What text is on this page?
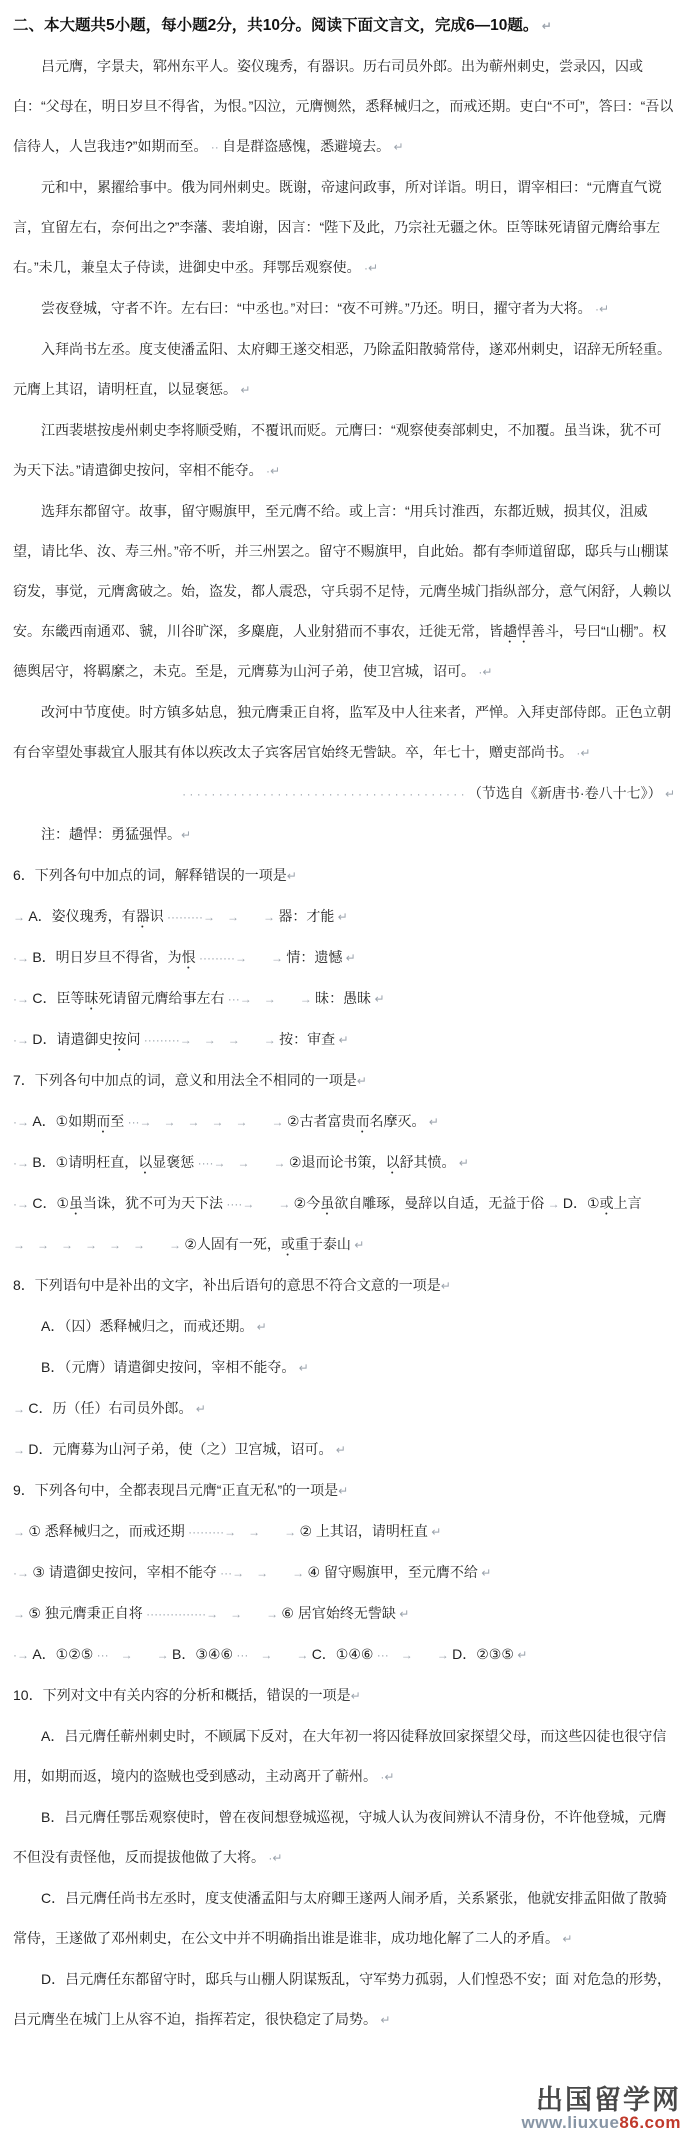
二、本大题共5小题，每小题2分，共10分。阅读下面文言文，完成6—10题。 ↵
吕元膺，字景夫，郓州东平人。姿仪瑰秀，有器识。历右司员外郎。出为蕲州刺史，尝录囚，囚或白：“父母在，明日岁旦不得省，为恨。”囚泣，元膺恻然，悉释械归之，而戒还期。吏白“不可”，答曰：“吾以信待人，人岂我违?”如期而至。 ·· 自是群盗感愧，悉避境去。 ↵
元和中，累擢给事中。俄为同州刺史。既谢，帝逮问政事，所对详诣。明日，谓宰相曰：“元膺直气谠言，宜留左右，奈何出之?”李藩、裴垍谢，因言：“陛下及此，乃宗社无疆之休。臣等昧死请留元膺给事左右。”未几，兼皇太子侍读，进御史中丞。拜鄂岳观察使。 ·↵
尝夜登城，守者不许。左右曰：“中丞也。”对曰：“夜不可辨。”乃还。明日，擢守者为大将。 ·↵
入拜尚书左丞。度支使潘孟阳、太府卿王遂交相恶，乃除孟阳散骑常侍，遂邓州刺史，诏辞无所轻重。元膺上其诏，请明枉直，以显褒惩。 ↵
江西裴堪按虔州刺史李将顺受贿，不覆讯而贬。元膺曰：“观察使奏部刺史，不加覆。虽当诛，犹不可为天下法。”请遣御史按问，宰相不能夺。 ·↵
选拜东都留守。故事，留守赐旗甲，至元膺不给。或上言：“用兵讨淮西，东都近贼，损其仪，沮威望，请比华、汝、寿三州。”帝不听，并三州罢之。留守不赐旗甲，自此始。都有李师道留邸，邸兵与山棚谋窃发，事觉，元膺禽破之。始，盗发，都人震恐，守兵弱不足恃，元膺坐城门指纵部分，意气闲舒，人赖以安。东畿西南通邓、虢，川谷旷深，多麋鹿，人业射猎而不事农，迁徙无常，皆趫悍善斗，号曰“山棚”。权德舆居守，将羁縻之，未克。至是，元膺募为山河子弟，使卫宫城，诏可。 ·↵
改河中节度使。时方镇多姑息，独元膺秉正自将，监军及中人往来者，严惮。入拜吏部侍郎。正色立朝有台宰望处事裁宜人服其有体以疾改太子宾客居官始终无訾缺。卒，年七十，赠吏部尚书。 ·↵
· · · · · · · · · · · · · · · · · · · · · · · · · · · · · · · · · · · · · · · （节选自《新唐书·卷八十七》） ↵
注：趫悍：勇猛强悍。↵
6．下列各句中加点的词，解释错误的一项是↵
→ A．姿仪瑰秀，有器识 ·········→　→　　→ 器：才能 ↵
·→ B．明日岁旦不得省，为恨 ·········→　　→ 情：遗憾 ↵
·→ C．臣等昧死请留元膺给事左右 ···→　→　　→ 昧：愚昧 ↵
·→ D．请遣御史按问 ·········→　→　→　　→ 按：审查 ↵
7．下列各句中加点的词，意义和用法全不相同的一项是↵
·→ A．①如期而至 ···→　→　→　→　→　　→ ②古者富贵而名摩灭。 ↵
·→ B．①请明枉直，以显褒惩 ····→　→　　→ ②退而论书策，以舒其愤。 ↵
·→ C．①虽当诛，犹不可为天下法 ····→　　→ ②今虽欲自雕琢，曼辞以自适，无益于俗 → D．①或上言
→　→　→　→　→　→　　→ ②人固有一死，或重于泰山 ↵
8．下列语句中是补出的文字，补出后语句的意思不符合文意的一项是↵
A．（囚）悉释械归之，而戒还期。 ↵
B．（元膺）请遣御史按问，宰相不能夺。 ↵
→ C．历（任）右司员外郎。 ↵
→ D．元膺募为山河子弟，使（之）卫宫城，诏可。 ↵
9．下列各句中，全都表现吕元膺“正直无私”的一项是↵
→ ① 悉释械归之，而戒还期 ·········→　→　　→ ② 上其诏，请明枉直 ↵
·→ ③ 请遣御史按问，宰相不能夺 ···→　→　　→ ④ 留守赐旗甲，至元膺不给 ↵
→ ⑤ 独元膺秉正自将 ···············→　→　　→ ⑥ 居官始终无訾缺 ↵
·→ A．①②⑤ ···　→　　→ B．③④⑥ ···　→　　→ C．①④⑥ ···　→　　→ D．②③⑤ ↵
10．下列对文中有关内容的分析和概括，错误的一项是↵
A．吕元膺任蕲州刺史时，不顾属下反对，在大年初一将囚徒释放回家探望父母，而这些囚徒也很守信用，如期而返，境内的盗贼也受到感动，主动离开了蕲州。 ·↵
B．吕元膺任鄂岳观察使时，曾在夜间想登城巡视，守城人认为夜间辨认不清身份，不许他登城，元膺不但没有责怪他，反而提拔他做了大将。 ·↵
C．吕元膺任尚书左丞时，度支使潘孟阳与太府卿王遂两人闹矛盾，关系紧张，他就安排孟阳做了散骑常侍，王遂做了邓州刺史，在公文中并不明确指出谁是谁非，成功地化解了二人的矛盾。 ↵
D．吕元膺任东都留守时，邸兵与山棚人阴谋叛乱，守军势力孤弱，人们惶恐不安；面 对危急的形势，吕元膺坐在城门上从容不迫，指挥若定，很快稳定了局势。 ↵
出国留学网
www.liuxue86.com
